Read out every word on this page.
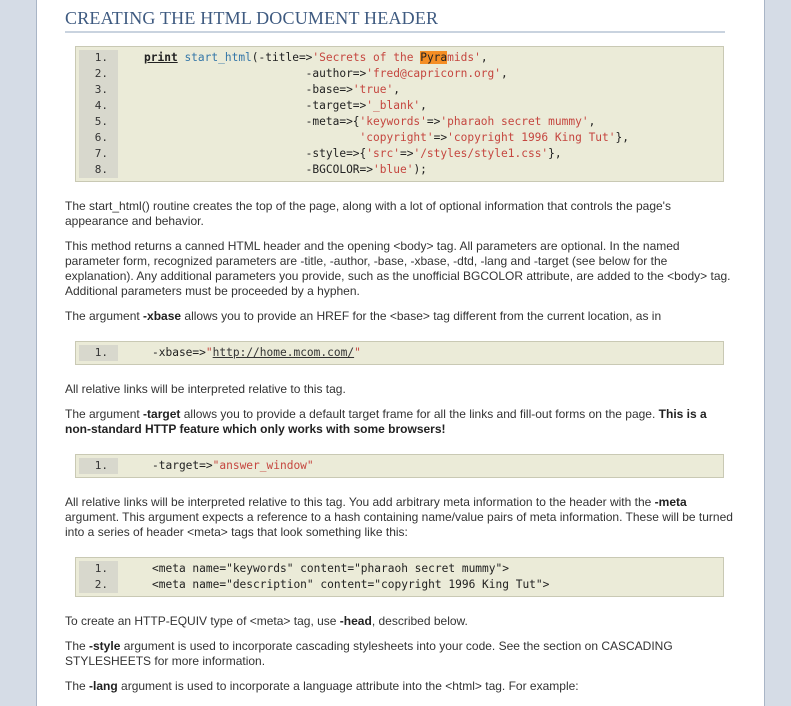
CREATING THE HTML DOCUMENT HEADER
1.	print start_html(-title=>'Secrets of the Pyramids',
2.	-author=>'fred@capricorn.org',
3.	-base=>'true',
4.	-target=>'_blank',
5.	-meta=>{'keywords'=>'pharaoh secret mummy',
6.	'copyright'=>'copyright 1996 King Tut'},
7.	-style=>{'src'=>'/styles/style1.css'},
8.	-BGCOLOR=>'blue');
The start_html() routine creates the top of the page, along with a lot of optional information that controls the page's appearance and behavior.
This method returns a canned HTML header and the opening <body> tag. All parameters are optional. In the named parameter form, recognized parameters are -title, -author, -base, -xbase, -dtd, -lang and -target (see below for the explanation). Any additional parameters you provide, such as the unofficial BGCOLOR attribute, are added to the <body> tag. Additional parameters must be proceeded by a hyphen.
The argument -xbase allows you to provide an HREF for the <base> tag different from the current location, as in
1.	-xbase=>"http://home.mcom.com/"
All relative links will be interpreted relative to this tag.
The argument -target allows you to provide a default target frame for all the links and fill-out forms on the page. This is a non-standard HTTP feature which only works with some browsers!
1.	-target=>"answer_window"
All relative links will be interpreted relative to this tag. You add arbitrary meta information to the header with the -meta argument. This argument expects a reference to a hash containing name/value pairs of meta information. These will be turned into a series of header <meta> tags that look something like this:
1.	<meta name="keywords" content="pharaoh secret mummy">
2.	<meta name="description" content="copyright 1996 King Tut">
To create an HTTP-EQUIV type of <meta> tag, use -head, described below.
The -style argument is used to incorporate cascading stylesheets into your code. See the section on CASCADING STYLESHEETS for more information.
The -lang argument is used to incorporate a language attribute into the <html> tag. For example:
